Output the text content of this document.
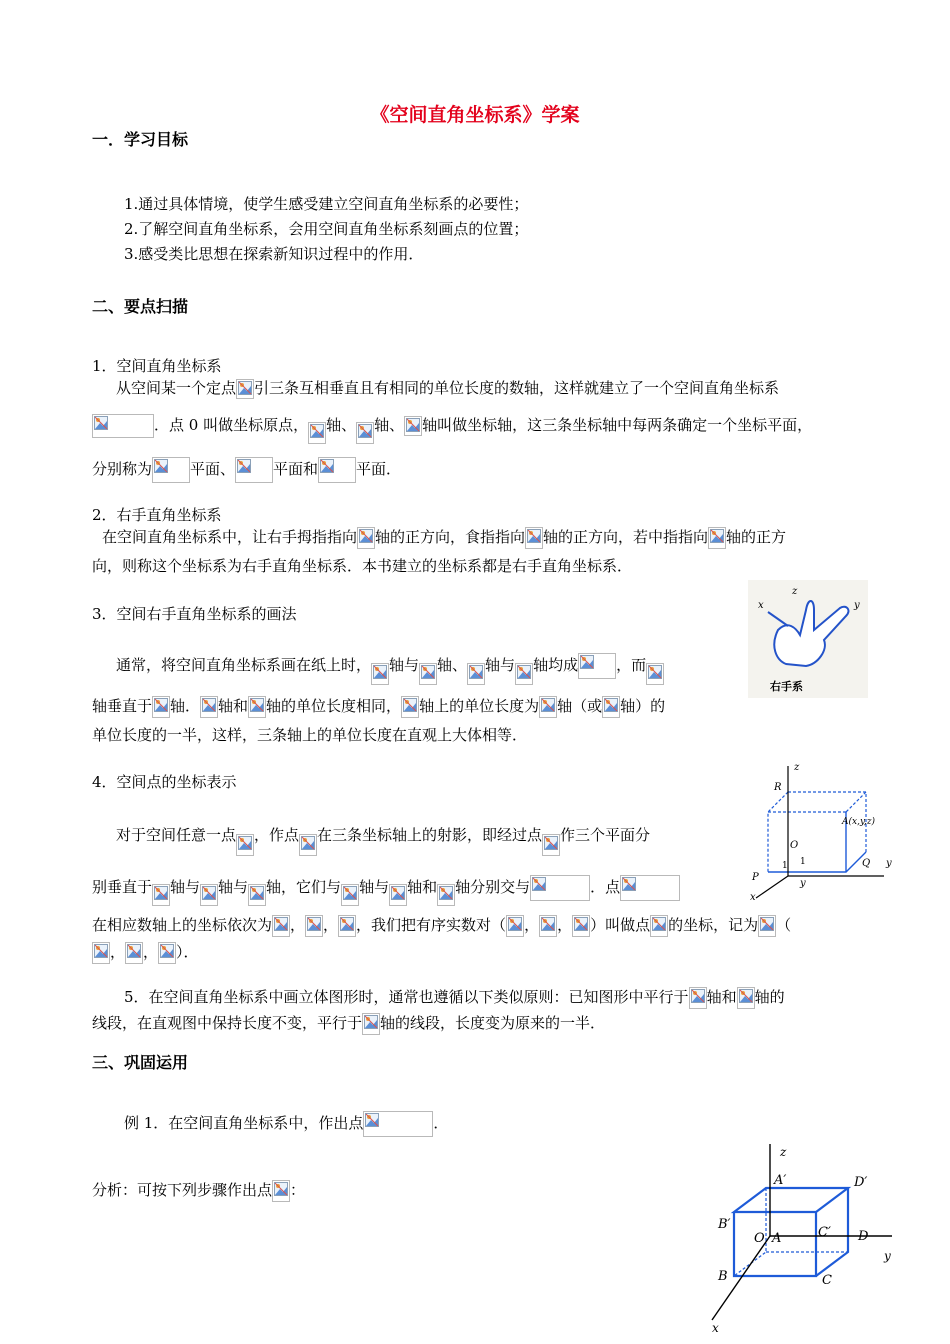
《空间直角坐标系》学案
一．学习目标
1.通过具体情境，使学生感受建立空间直角坐标系的必要性；
2.了解空间直角坐标系，会用空间直角坐标系刻画点的位置；
3.感受类比思想在探索新知识过程中的作用．
二、要点扫描
1．空间直角坐标系
从空间某一个定点 引三条互相垂直且有相同的单位长度的数轴，这样就建立了一个空间直角坐标系
．点 0 叫做坐标原点， 轴、 轴、 轴叫做坐标轴，这三条坐标轴中每两条确定一个坐标平面，
分别称为	平面、	平面和	平面．
2．右手直角坐标系
在空间直角坐标系中，让右手拇指指向 轴的正方向，食指指向 轴的正方向，若中指指向 轴的正方
向，则称这个坐标系为右手直角坐标系．本书建立的坐标系都是右手直角坐标系．
3．空间右手直角坐标系的画法
通常，将空间直角坐标系画在纸上时， 轴与 轴、 轴与 轴均成	，而
轴垂直于 轴． 轴和 轴的单位长度相同， 轴上的单位长度为 轴（或 轴）的
单位长度的一半，这样，三条轴上的单位长度在直观上大体相等．
4．空间点的坐标表示
对于空间任意一点 ，作点 在三条坐标轴上的射影，即经过点 作三个平面分
别垂直于 轴与 轴与 轴，它们与 轴与 轴和 轴分别交与	．点
在相应数轴上的坐标依次为 ， ， ，我们把有序实数对（ ， ， ）叫做点 的坐标，记为 （
， ， ）．
5．在空间直角坐标系中画立体图形时，通常也遵循以下类似原则：已知图形中平行于 轴和 轴的
线段，在直观图中保持长度不变，平行于 轴的线段，长度变为原来的一半．
三、巩固运用
例 1．在空间直角坐标系中，作出点	．
分析：可按下列步骤作出点 ：
x	y
z
右手系
z
R
O
A(x,y,z)
1 1	Q y
P
x
y
z
A′	D′
B′
O A	C′ D
y
B	C
x
